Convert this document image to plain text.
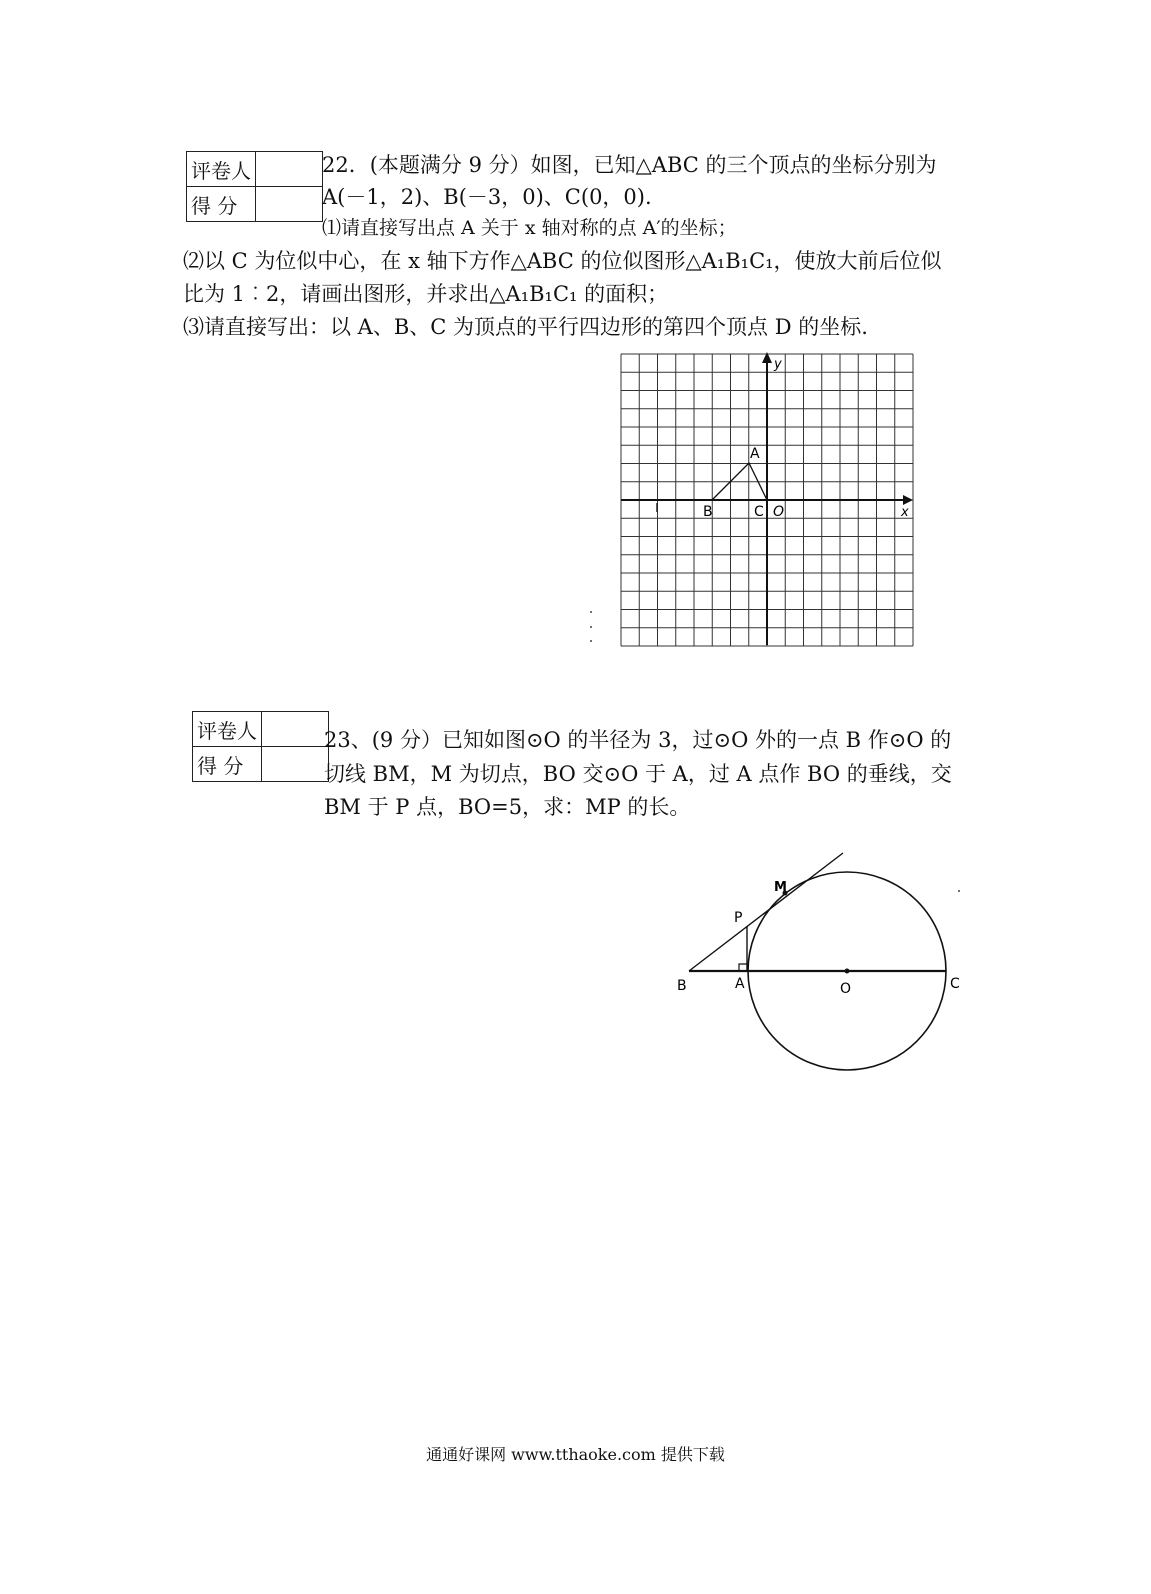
评卷人	
得 分	
22．(本题满分 9 分）如图，已知△ABC 的三个顶点的坐标分别为
A(－1，2)、B(－3，0)、C(0，0).
⑴请直接写出点 A 关于 x 轴对称的点 A′的坐标；
⑵以 C 为位似中心，在 x 轴下方作△ABC 的位似图形△A₁B₁C₁，使放大前后位似
比为 1︰2，请画出图形，并求出△A₁B₁C₁ 的面积；
⑶请直接写出：以 A、B、C 为顶点的平行四边形的第四个顶点 D 的坐标.
x
y
A
B	C O
评卷人	
得 分	
23、(9 分）已知如图⊙O 的半径为 3，过⊙O 外的一点 B 作⊙O 的
切线 BM，M 为切点，BO 交⊙O 于 A，过 A 点作 BO 的垂线，交
BM 于 P 点，BO=5，求：MP 的长。
M
P
B	A	O	C
通通好课网 www.tthaoke.com 提供下载
